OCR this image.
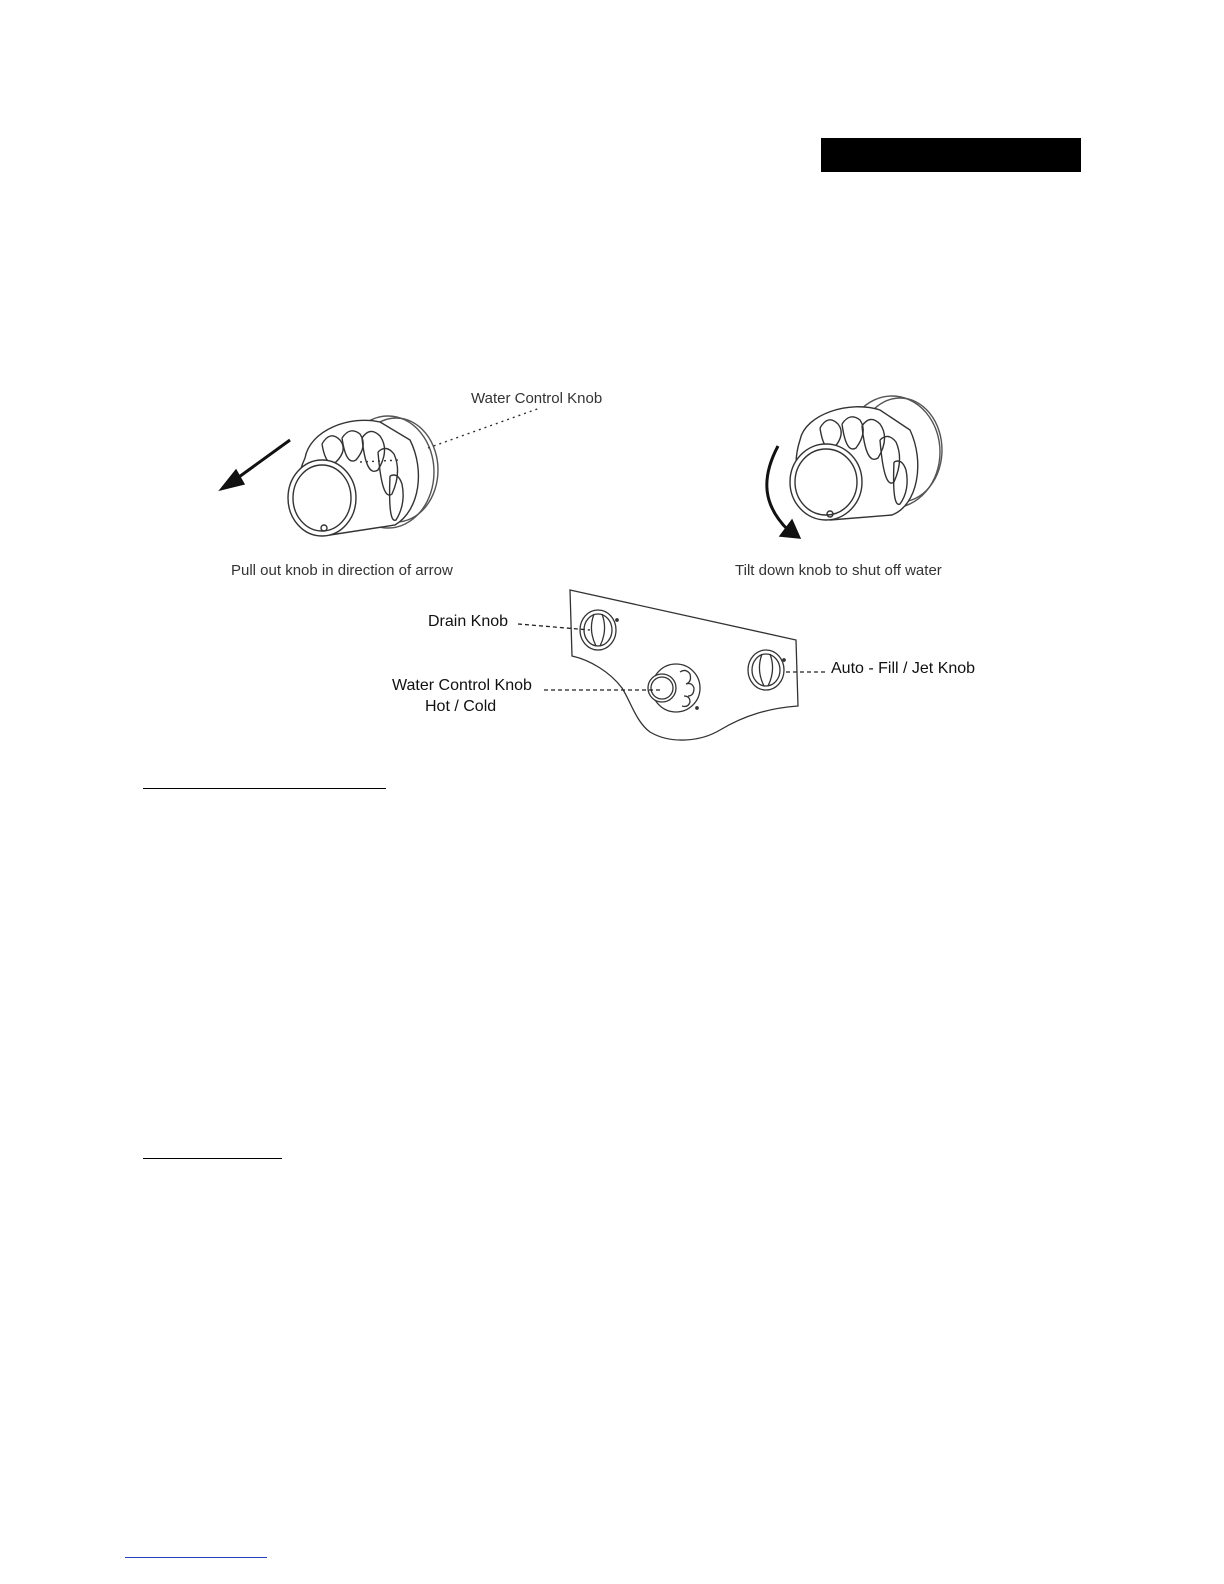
Water Control Knob
Pull out knob in direction of arrow	Tilt down knob to shut off water
Drain Knob
Water Control Knob
Hot / Cold
Auto - Fill / Jet Knob
